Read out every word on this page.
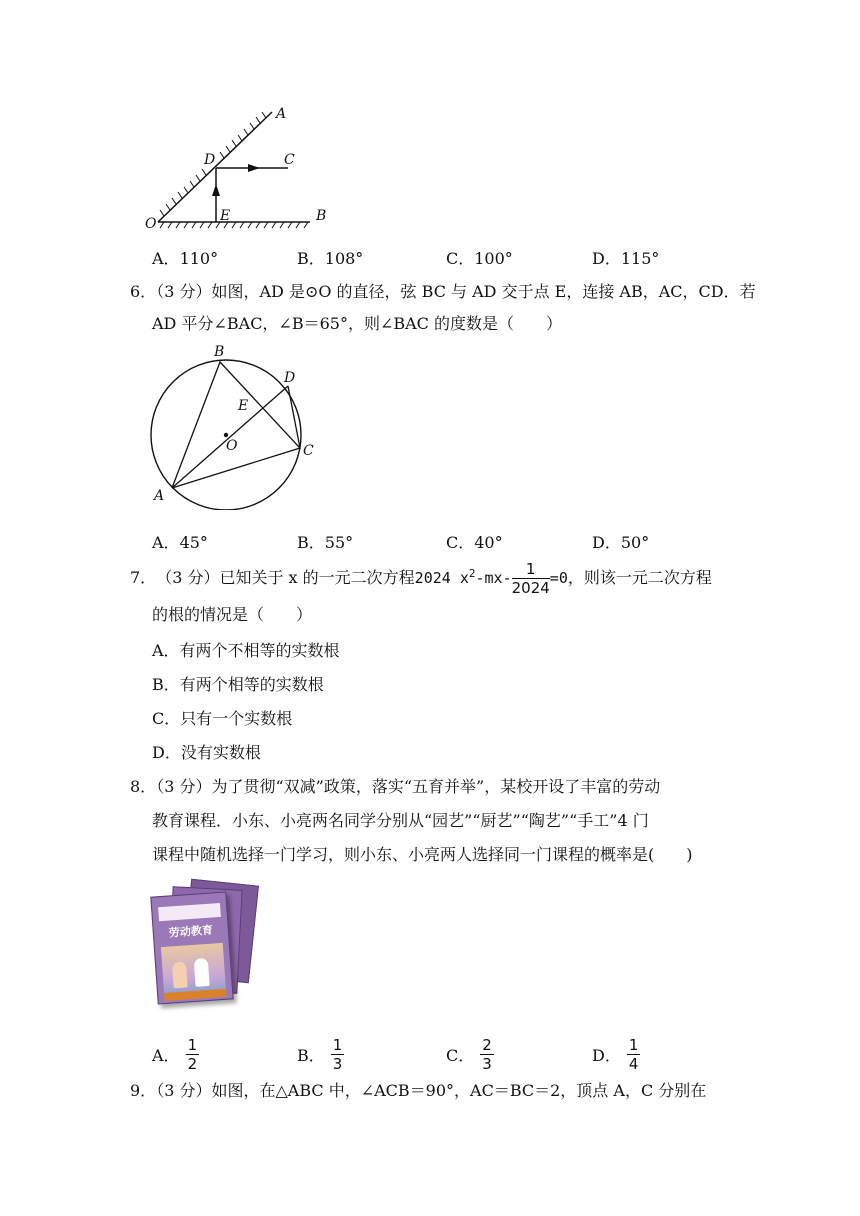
A
D	C
O	E	B
A．110°	B．108°	C．100°	D．115°
6．（3 分）如图，AD 是⊙O 的直径，弦 BC 与 AD 交于点 E，连接 AB，AC，CD．若
AD 平分∠BAC，∠B＝65°，则∠BAC 的度数是（　　）
B
D
E
O	C
A
A．45°	B．55°	C．40°	D．50°
7． （3 分） 已知关于 x 的一元二次方程 2024 $x^2$ $-mx- \frac{1}{2024} =0$ ，则该一元二次方程
的根的情况是（　　）
A．有两个不相等的实数根
B．有两个相等的实数根
C．只有一个实数根
D．没有实数根
8．（3 分）为了贯彻“双减”政策，落实“五育并举”，某校开设了丰富的劳动
教育课程．小东、小亮两名同学分别从“园艺”“厨艺”“陶艺”“手工”4 门
课程中随机选择一门学习，则小东、小亮两人选择同一门课程的概率是(　　)
劳动教育
A． $\frac{1}{2}$	B． $\frac{1}{3}$	C． $\frac{2}{3}$	D． $\frac{1}{4}$
9．（3 分）如图，在△ABC 中，∠ACB＝90°，AC＝BC＝2，顶点 A，C 分别在
